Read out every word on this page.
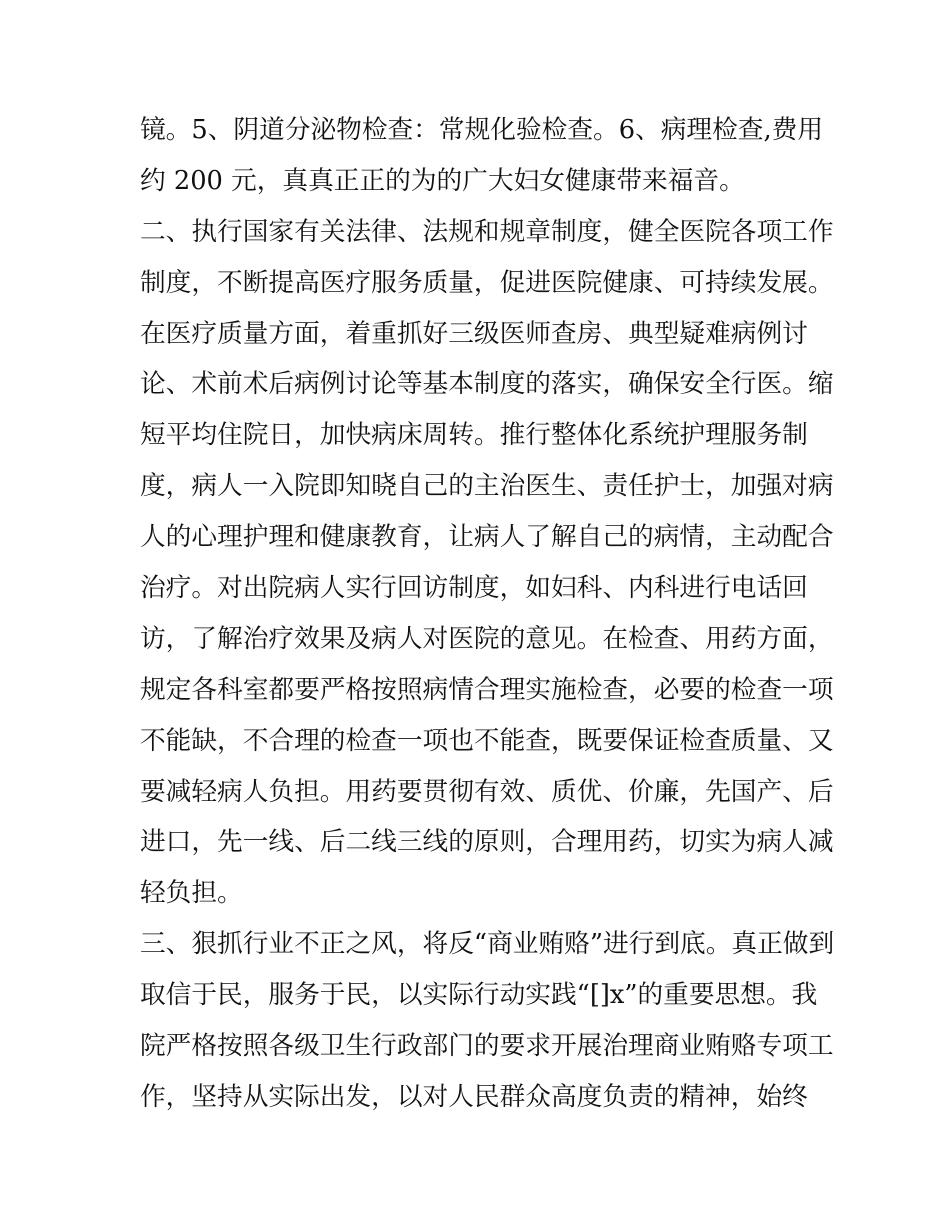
镜。5、阴道分泌物检查：常规化验检查。6、病理检查,费用
约 200 元，真真正正的为的广大妇女健康带来福音。
二、执行国家有关法律、法规和规章制度，健全医院各项工作
制度，不断提高医疗服务质量，促进医院健康、可持续发展。
在医疗质量方面，着重抓好三级医师查房、典型疑难病例讨
论、术前术后病例讨论等基本制度的落实，确保安全行医。缩
短平均住院日，加快病床周转。推行整体化系统护理服务制
度，病人一入院即知晓自己的主治医生、责任护士，加强对病
人的心理护理和健康教育，让病人了解自己的病情，主动配合
治疗。对出院病人实行回访制度，如妇科、内科进行电话回
访，了解治疗效果及病人对医院的意见。在检查、用药方面，
规定各科室都要严格按照病情合理实施检查，必要的检查一项
不能缺，不合理的检查一项也不能查，既要保证检查质量、又
要减轻病人负担。用药要贯彻有效、质优、价廉，先国产、后
进口，先一线、后二线三线的原则，合理用药，切实为病人减
轻负担。
三、狠抓行业不正之风，将反“商业贿赂”进行到底。真正做到
取信于民，服务于民，以实际行动实践“[]x”的重要思想。我
院严格按照各级卫生行政部门的要求开展治理商业贿赂专项工
作，坚持从实际出发，以对人民群众高度负责的精神，始终
